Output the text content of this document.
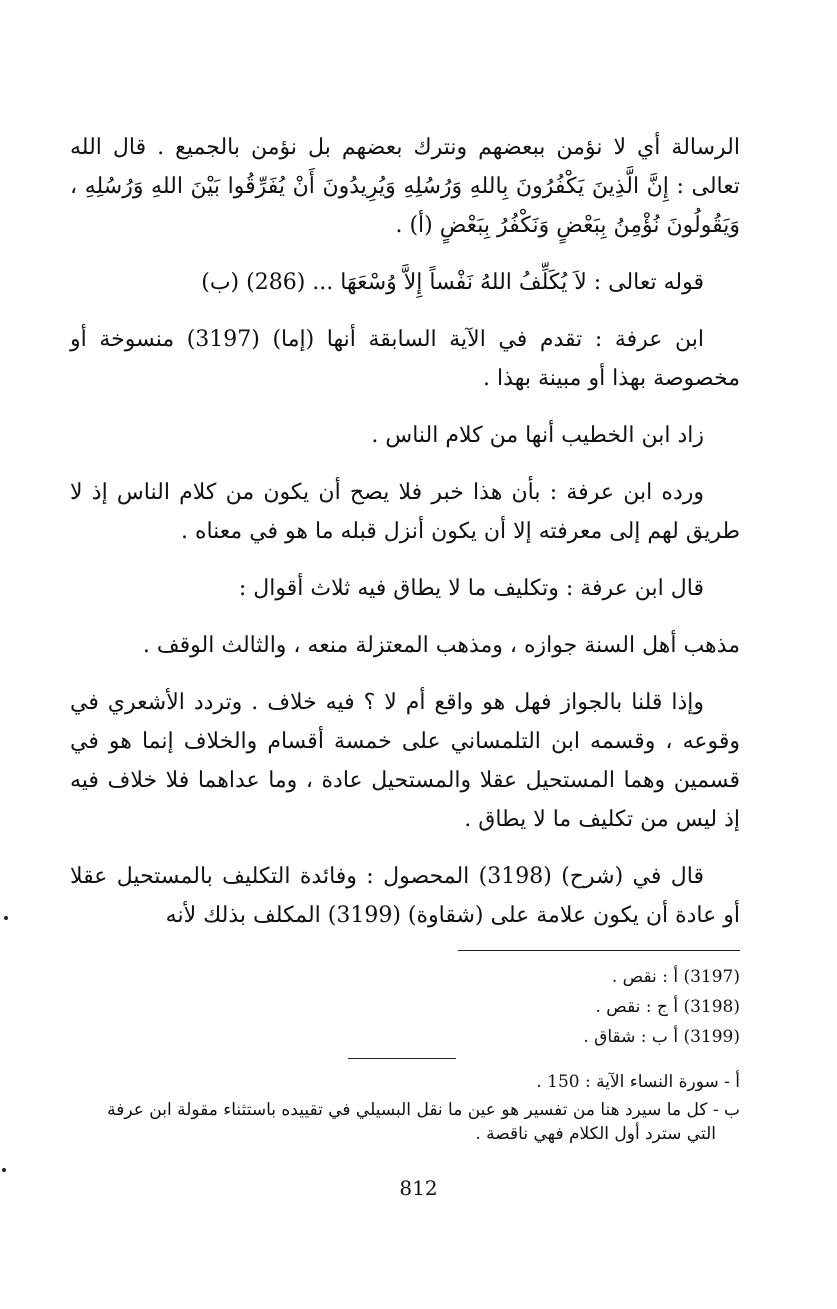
الرسالة أي لا نؤمن ببعضهم ونترك بعضهم بل نؤمن بالجميع . قال الله تعالى : إِنَّ الَّذِينَ يَكْفُرُونَ بِاللهِ وَرُسُلِهِ وَيُرِيدُونَ أَنْ يُفَرِّقُوا بَيْنَ اللهِ وَرُسُلِهِ ، وَيَقُولُونَ نُؤْمِنُ بِبَعْضٍ وَنَكْفُرُ بِبَعْضٍ (أ) .

قوله تعالى : لاَ يُكَلِّفُ اللهُ نَفْساً إِلاَّ وُسْعَهَا ... (286) (ب)

ابن عرفة : تقدم في الآية السابقة أنها (إما) (3197) منسوخة أو مخصوصة بهذا أو مبينة بهذا .

زاد ابن الخطيب أنها من كلام الناس .

ورده ابن عرفة : بأن هذا خبر فلا يصح أن يكون من كلام الناس إذ لا طريق لهم إلى معرفته إلا أن يكون أنزل قبله ما هو في معناه .

قال ابن عرفة : وتكليف ما لا يطاق فيه ثلاث أقوال :

مذهب أهل السنة جوازه ، ومذهب المعتزلة منعه ، والثالث الوقف .

وإذا قلنا بالجواز فهل هو واقع أم لا ؟ فيه خلاف . وتردد الأشعري في وقوعه ، وقسمه ابن التلمساني على خمسة أقسام والخلاف إنما هو في قسمين وهما المستحيل عقلا والمستحيل عادة ، وما عداهما فلا خلاف فيه إذ ليس من تكليف ما لا يطاق .

قال في (شرح) (3198) المحصول : وفائدة التكليف بالمستحيل عقلا أو عادة أن يكون علامة على (شقاوة) (3199) المكلف بذلك لأنه

(3197) أ : نقص .
(3198) أ ج : نقص .
(3199) أ ب : شقاق .
أ - سورة النساء الآية : 150 .
ب - كل ما سيرد هنا من تفسير هو عين ما نقل البسيلي في تقييده باستثناء مقولة ابن عرفة
التي سترد أول الكلام فهي ناقصة .
812
